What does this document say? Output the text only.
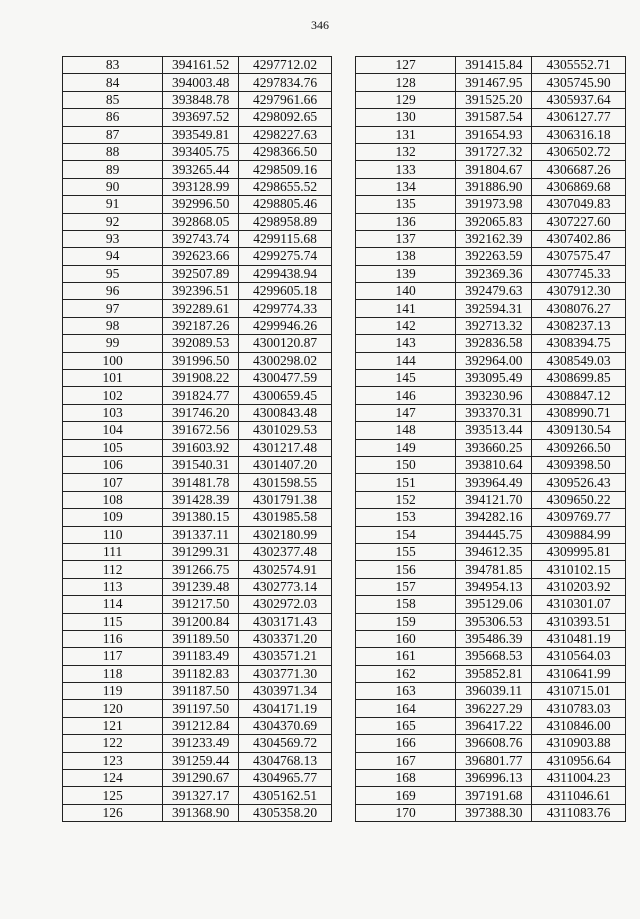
346
83	394161.52	4297712.02
84	394003.48	4297834.76
85	393848.78	4297961.66
86	393697.52	4298092.65
87	393549.81	4298227.63
88	393405.75	4298366.50
89	393265.44	4298509.16
90	393128.99	4298655.52
91	392996.50	4298805.46
92	392868.05	4298958.89
93	392743.74	4299115.68
94	392623.66	4299275.74
95	392507.89	4299438.94
96	392396.51	4299605.18
97	392289.61	4299774.33
98	392187.26	4299946.26
99	392089.53	4300120.87
100	391996.50	4300298.02
101	391908.22	4300477.59
102	391824.77	4300659.45
103	391746.20	4300843.48
104	391672.56	4301029.53
105	391603.92	4301217.48
106	391540.31	4301407.20
107	391481.78	4301598.55
108	391428.39	4301791.38
109	391380.15	4301985.58
110	391337.11	4302180.99
111	391299.31	4302377.48
112	391266.75	4302574.91
113	391239.48	4302773.14
114	391217.50	4302972.03
115	391200.84	4303171.43
116	391189.50	4303371.20
117	391183.49	4303571.21
118	391182.83	4303771.30
119	391187.50	4303971.34
120	391197.50	4304171.19
121	391212.84	4304370.69
122	391233.49	4304569.72
123	391259.44	4304768.13
124	391290.67	4304965.77
125	391327.17	4305162.51
126	391368.90	4305358.20
127	391415.84	4305552.71
128	391467.95	4305745.90
129	391525.20	4305937.64
130	391587.54	4306127.77
131	391654.93	4306316.18
132	391727.32	4306502.72
133	391804.67	4306687.26
134	391886.90	4306869.68
135	391973.98	4307049.83
136	392065.83	4307227.60
137	392162.39	4307402.86
138	392263.59	4307575.47
139	392369.36	4307745.33
140	392479.63	4307912.30
141	392594.31	4308076.27
142	392713.32	4308237.13
143	392836.58	4308394.75
144	392964.00	4308549.03
145	393095.49	4308699.85
146	393230.96	4308847.12
147	393370.31	4308990.71
148	393513.44	4309130.54
149	393660.25	4309266.50
150	393810.64	4309398.50
151	393964.49	4309526.43
152	394121.70	4309650.22
153	394282.16	4309769.77
154	394445.75	4309884.99
155	394612.35	4309995.81
156	394781.85	4310102.15
157	394954.13	4310203.92
158	395129.06	4310301.07
159	395306.53	4310393.51
160	395486.39	4310481.19
161	395668.53	4310564.03
162	395852.81	4310641.99
163	396039.11	4310715.01
164	396227.29	4310783.03
165	396417.22	4310846.00
166	396608.76	4310903.88
167	396801.77	4310956.64
168	396996.13	4311004.23
169	397191.68	4311046.61
170	397388.30	4311083.76
